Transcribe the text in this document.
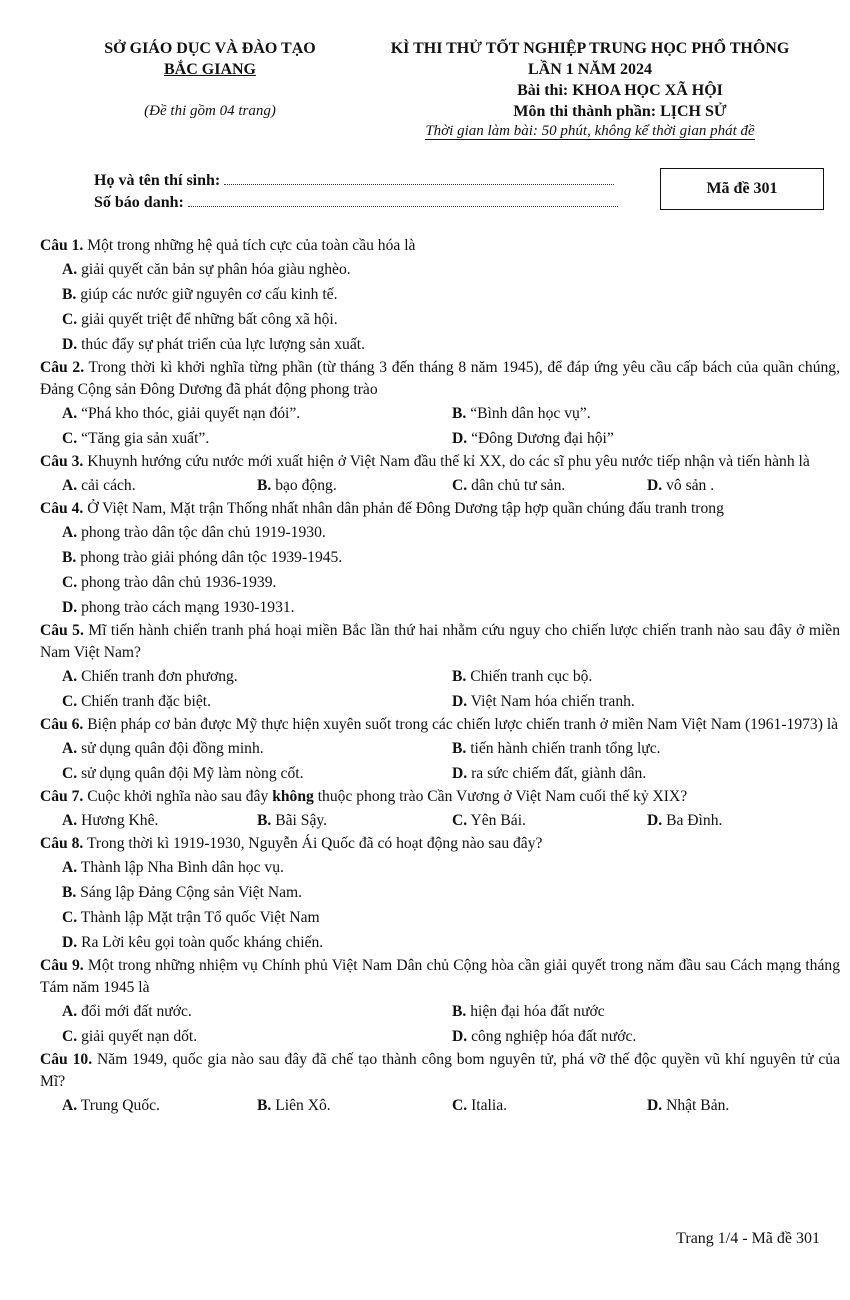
SỞ GIÁO DỤC VÀ ĐÀO TẠO
BẮC GIANG
(Đề thi gồm 04 trang)
KÌ THI THỬ TỐT NGHIỆP TRUNG HỌC PHỔ THÔNG
LẦN 1 NĂM 2024
Bài thi: KHOA HỌC XÃ HỘI
Môn thi thành phần: LỊCH SỬ
Thời gian làm bài: 50 phút, không kể thời gian phát đề
Họ và tên thí sinh:
Số báo danh:
Mã đề 301
Câu 1. Một trong những hệ quả tích cực của toàn cầu hóa là
A. giải quyết căn bản sự phân hóa giàu nghèo.
B. giúp các nước giữ nguyên cơ cấu kinh tế.
C. giải quyết triệt để những bất công xã hội.
D. thúc đẩy sự phát triển của lực lượng sản xuất.
Câu 2. Trong thời kì khởi nghĩa từng phần (từ tháng 3 đến tháng 8 năm 1945), để đáp ứng yêu cầu cấp bách của quần chúng, Đảng Cộng sản Đông Dương đã phát động phong trào
A. “Phá kho thóc, giải quyết nạn đói”.	B. “Bình dân học vụ”.
C. “Tăng gia sản xuất”.	D. “Đông Dương đại hội”
Câu 3. Khuynh hướng cứu nước mới xuất hiện ở Việt Nam đầu thế kỉ XX, do các sĩ phu yêu nước tiếp nhận và tiến hành là
A. cải cách.	B. bạo động.	C. dân chủ tư sản.	D. vô sản .
Câu 4. Ở Việt Nam, Mặt trận Thống nhất nhân dân phản đế Đông Dương tập hợp quần chúng đấu tranh trong
A. phong trào dân tộc dân chủ 1919-1930.
B. phong trào giải phóng dân tộc 1939-1945.
C. phong trào dân chủ 1936-1939.
D. phong trào cách mạng 1930-1931.
Câu 5. Mĩ tiến hành chiến tranh phá hoại miền Bắc lần thứ hai nhằm cứu nguy cho chiến lược chiến tranh nào sau đây ở miền Nam Việt Nam?
A. Chiến tranh đơn phương.	B. Chiến tranh cục bộ.
C. Chiến tranh đặc biệt.	D. Việt Nam hóa chiến tranh.
Câu 6. Biện pháp cơ bản được Mỹ thực hiện xuyên suốt trong các chiến lược chiến tranh ở miền Nam Việt Nam (1961-1973) là
A. sử dụng quân đội đồng minh.	B. tiến hành chiến tranh tổng lực.
C. sử dụng quân đội Mỹ làm nòng cốt.	D. ra sức chiếm đất, giành dân.
Câu 7. Cuộc khởi nghĩa nào sau đây không thuộc phong trào Cần Vương ở Việt Nam cuối thế kỷ XIX?
A. Hương Khê.	B. Bãi Sậy.	C. Yên Bái.	D. Ba Đình.
Câu 8. Trong thời kì 1919-1930, Nguyễn Ái Quốc đã có hoạt động nào sau đây?
A. Thành lập Nha Bình dân học vụ.
B. Sáng lập Đảng Cộng sản Việt Nam.
C. Thành lập Mặt trận Tổ quốc Việt Nam
D. Ra Lời kêu gọi toàn quốc kháng chiến.
Câu 9. Một trong những nhiệm vụ Chính phủ Việt Nam Dân chủ Cộng hòa cần giải quyết trong năm đầu sau Cách mạng tháng Tám năm 1945 là
A. đổi mới đất nước.	B. hiện đại hóa đất nước
C. giải quyết nạn dốt.	D. công nghiệp hóa đất nước.
Câu 10. Năm 1949, quốc gia nào sau đây đã chế tạo thành công bom nguyên tử, phá vỡ thế độc quyền vũ khí nguyên tử của Mĩ?
A. Trung Quốc.	B. Liên Xô.	C. Italia.	D. Nhật Bản.
Trang 1/4 - Mã đề 301
